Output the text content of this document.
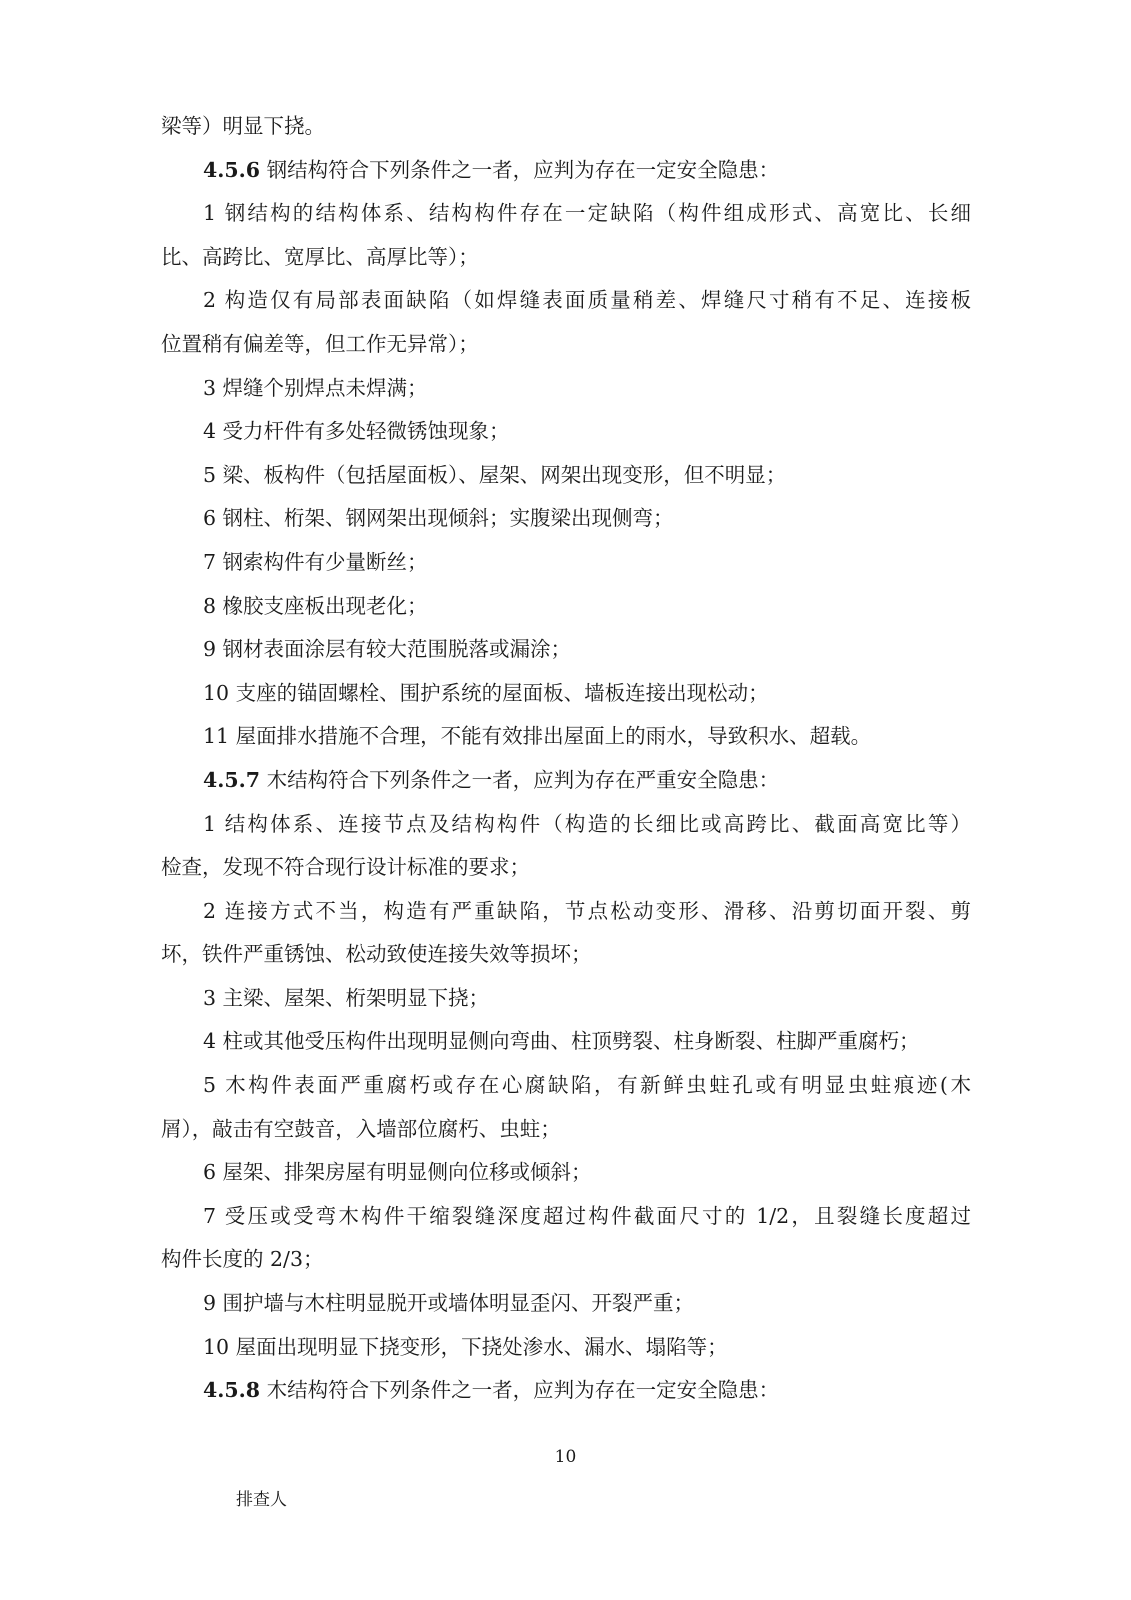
梁等）明显下挠。
4.5.6 钢结构符合下列条件之一者，应判为存在一定安全隐患：
1 钢结构的结构体系、结构构件存在一定缺陷（构件组成形式、高宽比、长细
比、高跨比、宽厚比、高厚比等）；
2 构造仅有局部表面缺陷（如焊缝表面质量稍差、焊缝尺寸稍有不足、连接板
位置稍有偏差等，但工作无异常）；
3 焊缝个别焊点未焊满；
4 受力杆件有多处轻微锈蚀现象；
5 梁、板构件（包括屋面板）、屋架、网架出现变形，但不明显；
6 钢柱、桁架、钢网架出现倾斜；实腹梁出现侧弯；
7 钢索构件有少量断丝；
8 橡胶支座板出现老化；
9 钢材表面涂层有较大范围脱落或漏涂；
10 支座的锚固螺栓、围护系统的屋面板、墙板连接出现松动；
11 屋面排水措施不合理，不能有效排出屋面上的雨水，导致积水、超载。
4.5.7 木结构符合下列条件之一者，应判为存在严重安全隐患：
1 结构体系、连接节点及结构构件（构造的长细比或高跨比、截面高宽比等）
检查，发现不符合现行设计标准的要求；
2 连接方式不当，构造有严重缺陷，节点松动变形、滑移、沿剪切面开裂、剪
坏，铁件严重锈蚀、松动致使连接失效等损坏；
3 主梁、屋架、桁架明显下挠；
4 柱或其他受压构件出现明显侧向弯曲、柱顶劈裂、柱身断裂、柱脚严重腐朽；
5 木构件表面严重腐朽或存在心腐缺陷，有新鲜虫蛀孔或有明显虫蛀痕迹(木
屑），敲击有空鼓音，入墙部位腐朽、虫蛀；
6 屋架、排架房屋有明显侧向位移或倾斜；
7 受压或受弯木构件干缩裂缝深度超过构件截面尺寸的 1/2，且裂缝长度超过
构件长度的 2/3；
9 围护墙与木柱明显脱开或墙体明显歪闪、开裂严重；
10 屋面出现明显下挠变形，下挠处渗水、漏水、塌陷等；
4.5.8 木结构符合下列条件之一者，应判为存在一定安全隐患：
10
排查人
